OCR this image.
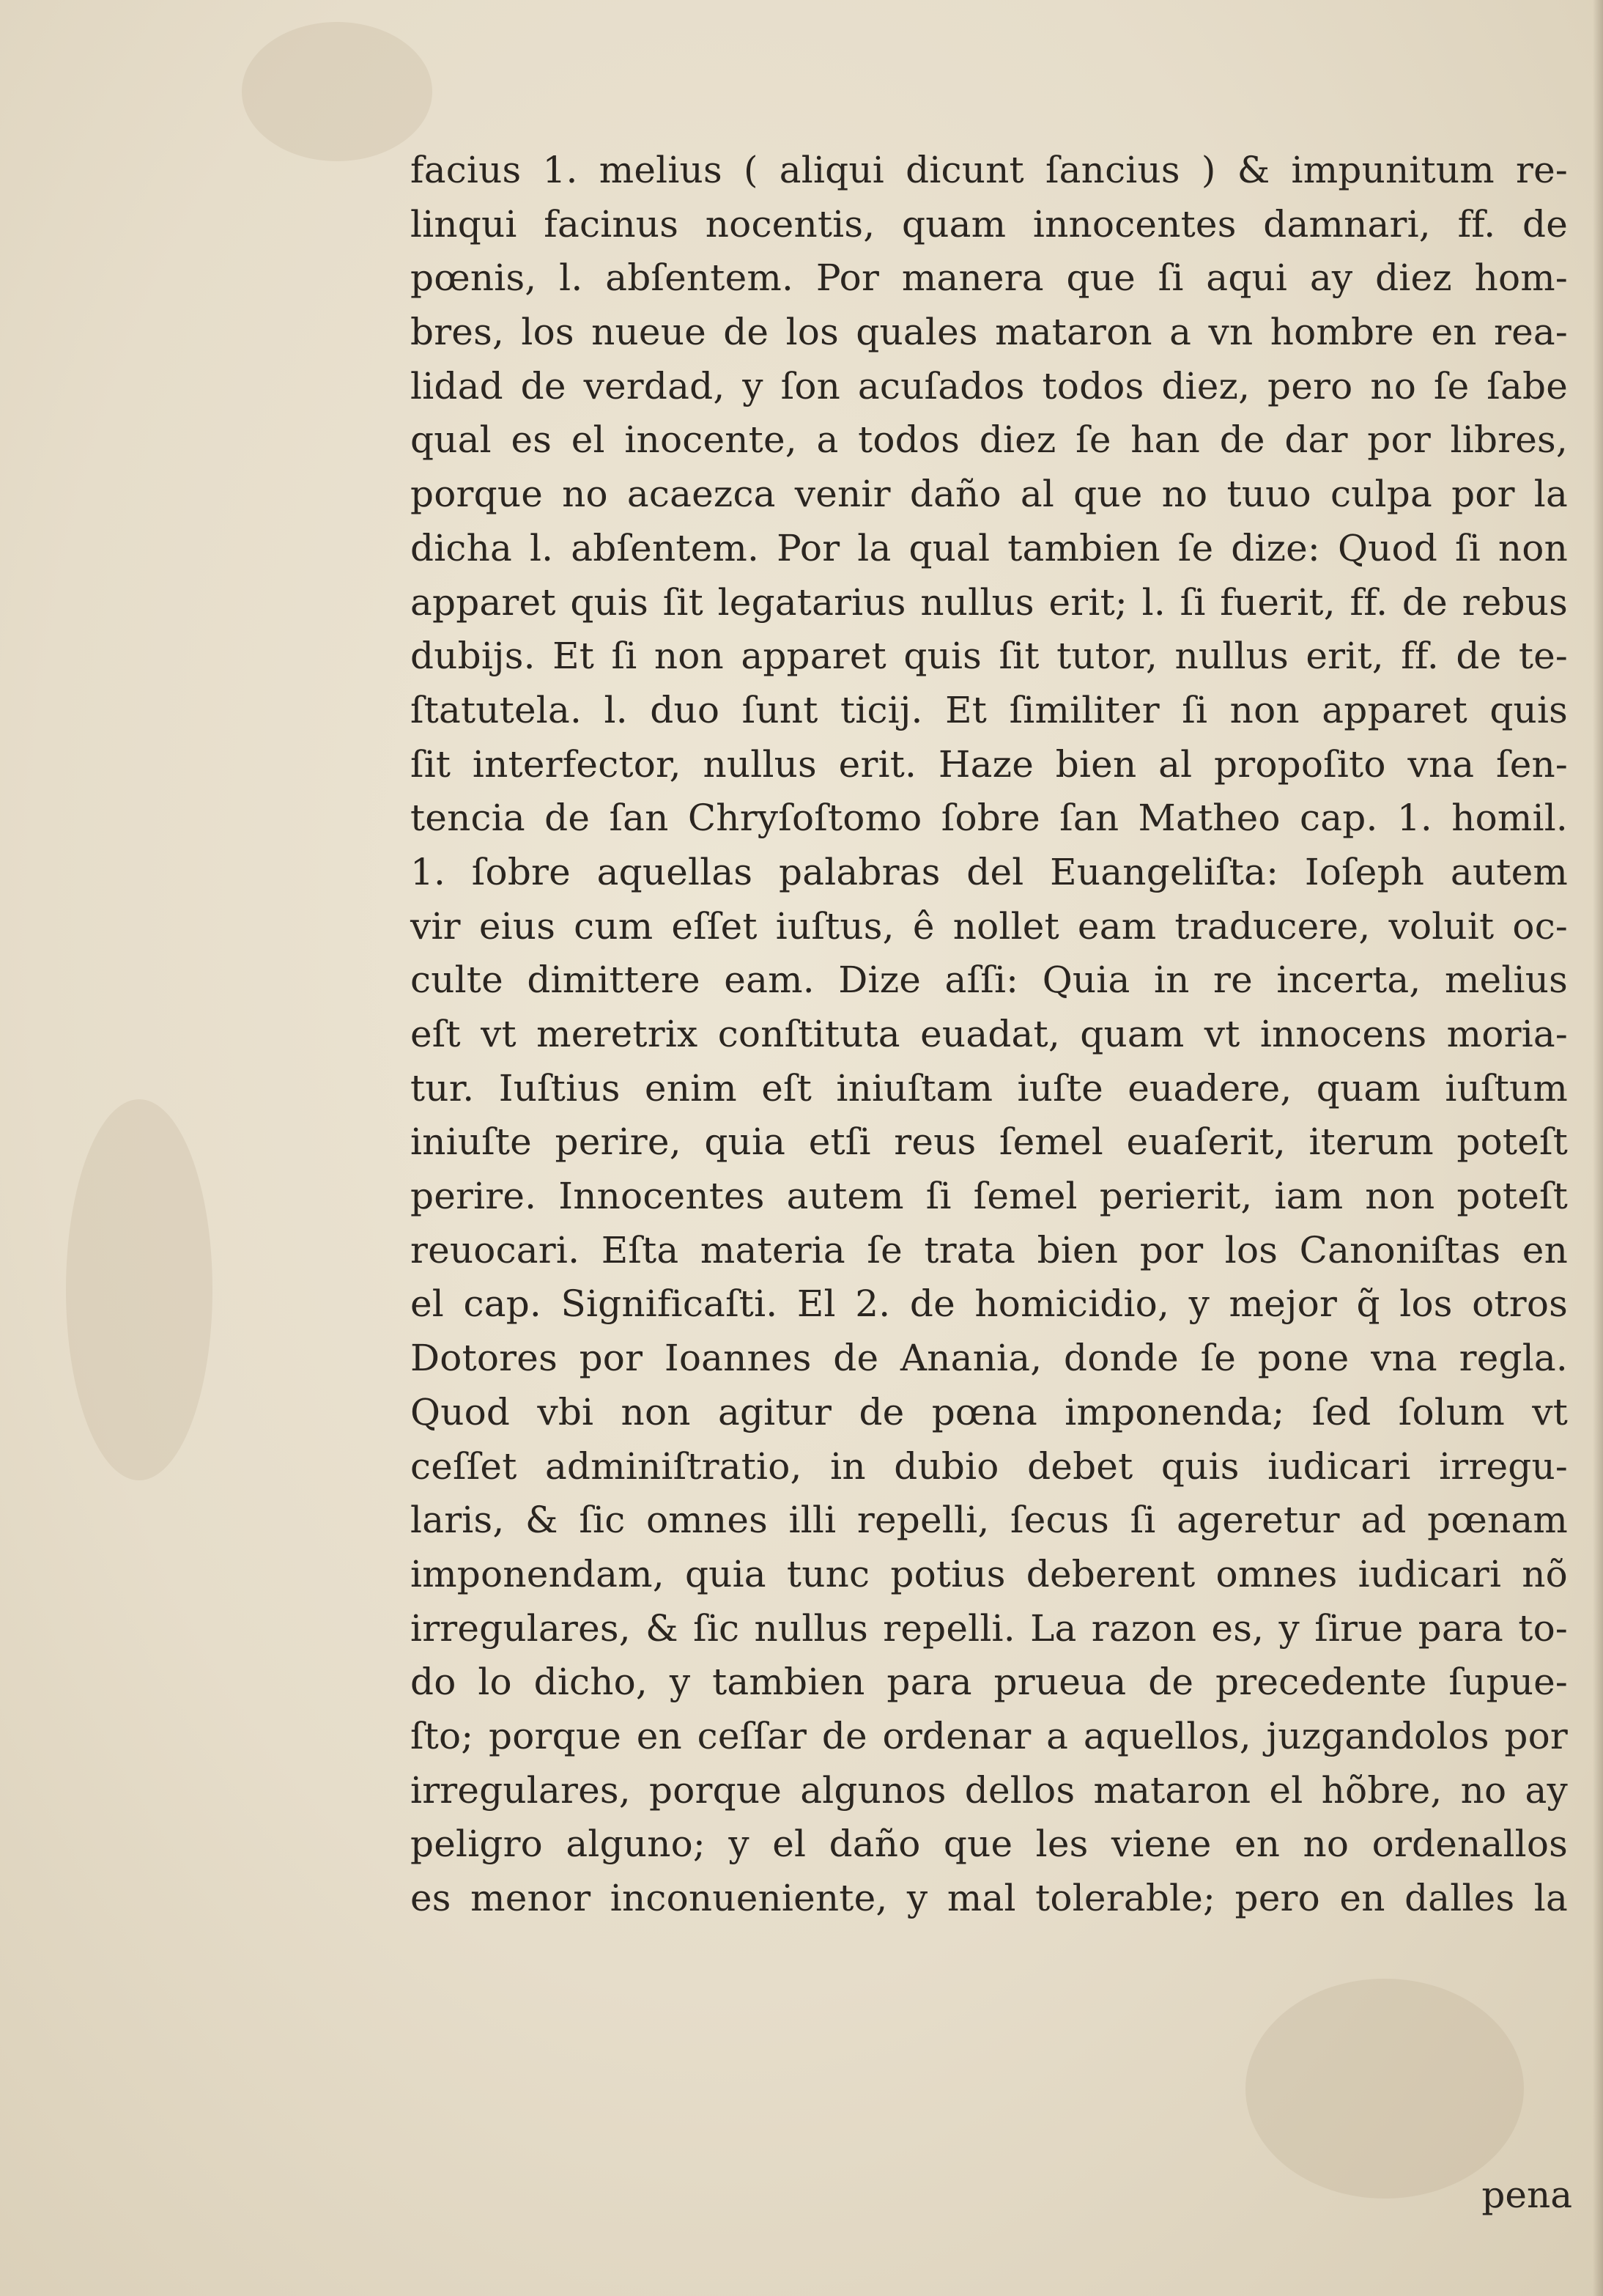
facius 1. melius ( aliqui dicunt ſancius ) & impunitum re-
linqui facinus nocentis, quam innocentes damnari, ff. de
pœnis, l. abſentem. Por manera que ſi aqui ay diez hom-
bres, los nueue de los quales mataron a vn hombre en rea-
lidad de verdad, y ſon acuſados todos diez, pero no ſe ſabe
qual es el inocente, a todos diez ſe han de dar por libres,
porque no acaezca venir daño al que no tuuo culpa por la
dicha l. abſentem. Por la qual tambien ſe dize: Quod ſi non
apparet quis ſit legatarius nullus erit; l. ſi fuerit, ff. de rebus
dubijs. Et ſi non apparet quis ſit tutor, nullus erit, ff. de te-
ſtatutela. l. duo ſunt ticij. Et ſimiliter ſi non apparet quis
ſit interfector, nullus erit. Haze bien al propoſito vna ſen-
tencia de ſan Chryſoſtomo ſobre ſan Matheo cap. 1. homil.
1. ſobre aquellas palabras del Euangeliſta: Ioſeph autem
vir eius cum eſſet iuſtus, ê nollet eam traducere, voluit oc-
culte dimittere eam. Dize aſſi: Quia in re incerta, melius
eſt vt meretrix conſtituta euadat, quam vt innocens moria-
tur. Iuſtius enim eſt iniuſtam iuſte euadere, quam iuſtum
iniuſte perire, quia etſi reus ſemel euaſerit, iterum poteſt
perire. Innocentes autem ſi ſemel perierit, iam non poteſt
reuocari. Eſta materia ſe trata bien por los Canoniſtas en
el cap. Significaſti. El 2. de homicidio, y mejor q̃ los otros
Dotores por Ioannes de Anania, donde ſe pone vna regla.
Quod vbi non agitur de pœna imponenda; ſed ſolum vt
ceſſet adminiſtratio, in dubio debet quis iudicari irregu-
laris, & ſic omnes illi repelli, ſecus ſi ageretur ad pœnam
imponendam, quia tunc potius deberent omnes iudicari nõ
irregulares, & ſic nullus repelli. La razon es, y ſirue para to-
do lo dicho, y tambien para prueua de precedente ſupue-
ſto; porque en ceſſar de ordenar a aquellos, juzgandolos por
irregulares, porque algunos dellos mataron el hõbre, no ay
peligro alguno; y el daño que les viene en no ordenallos
es menor inconueniente, y mal tolerable; pero en dalles la
pena
